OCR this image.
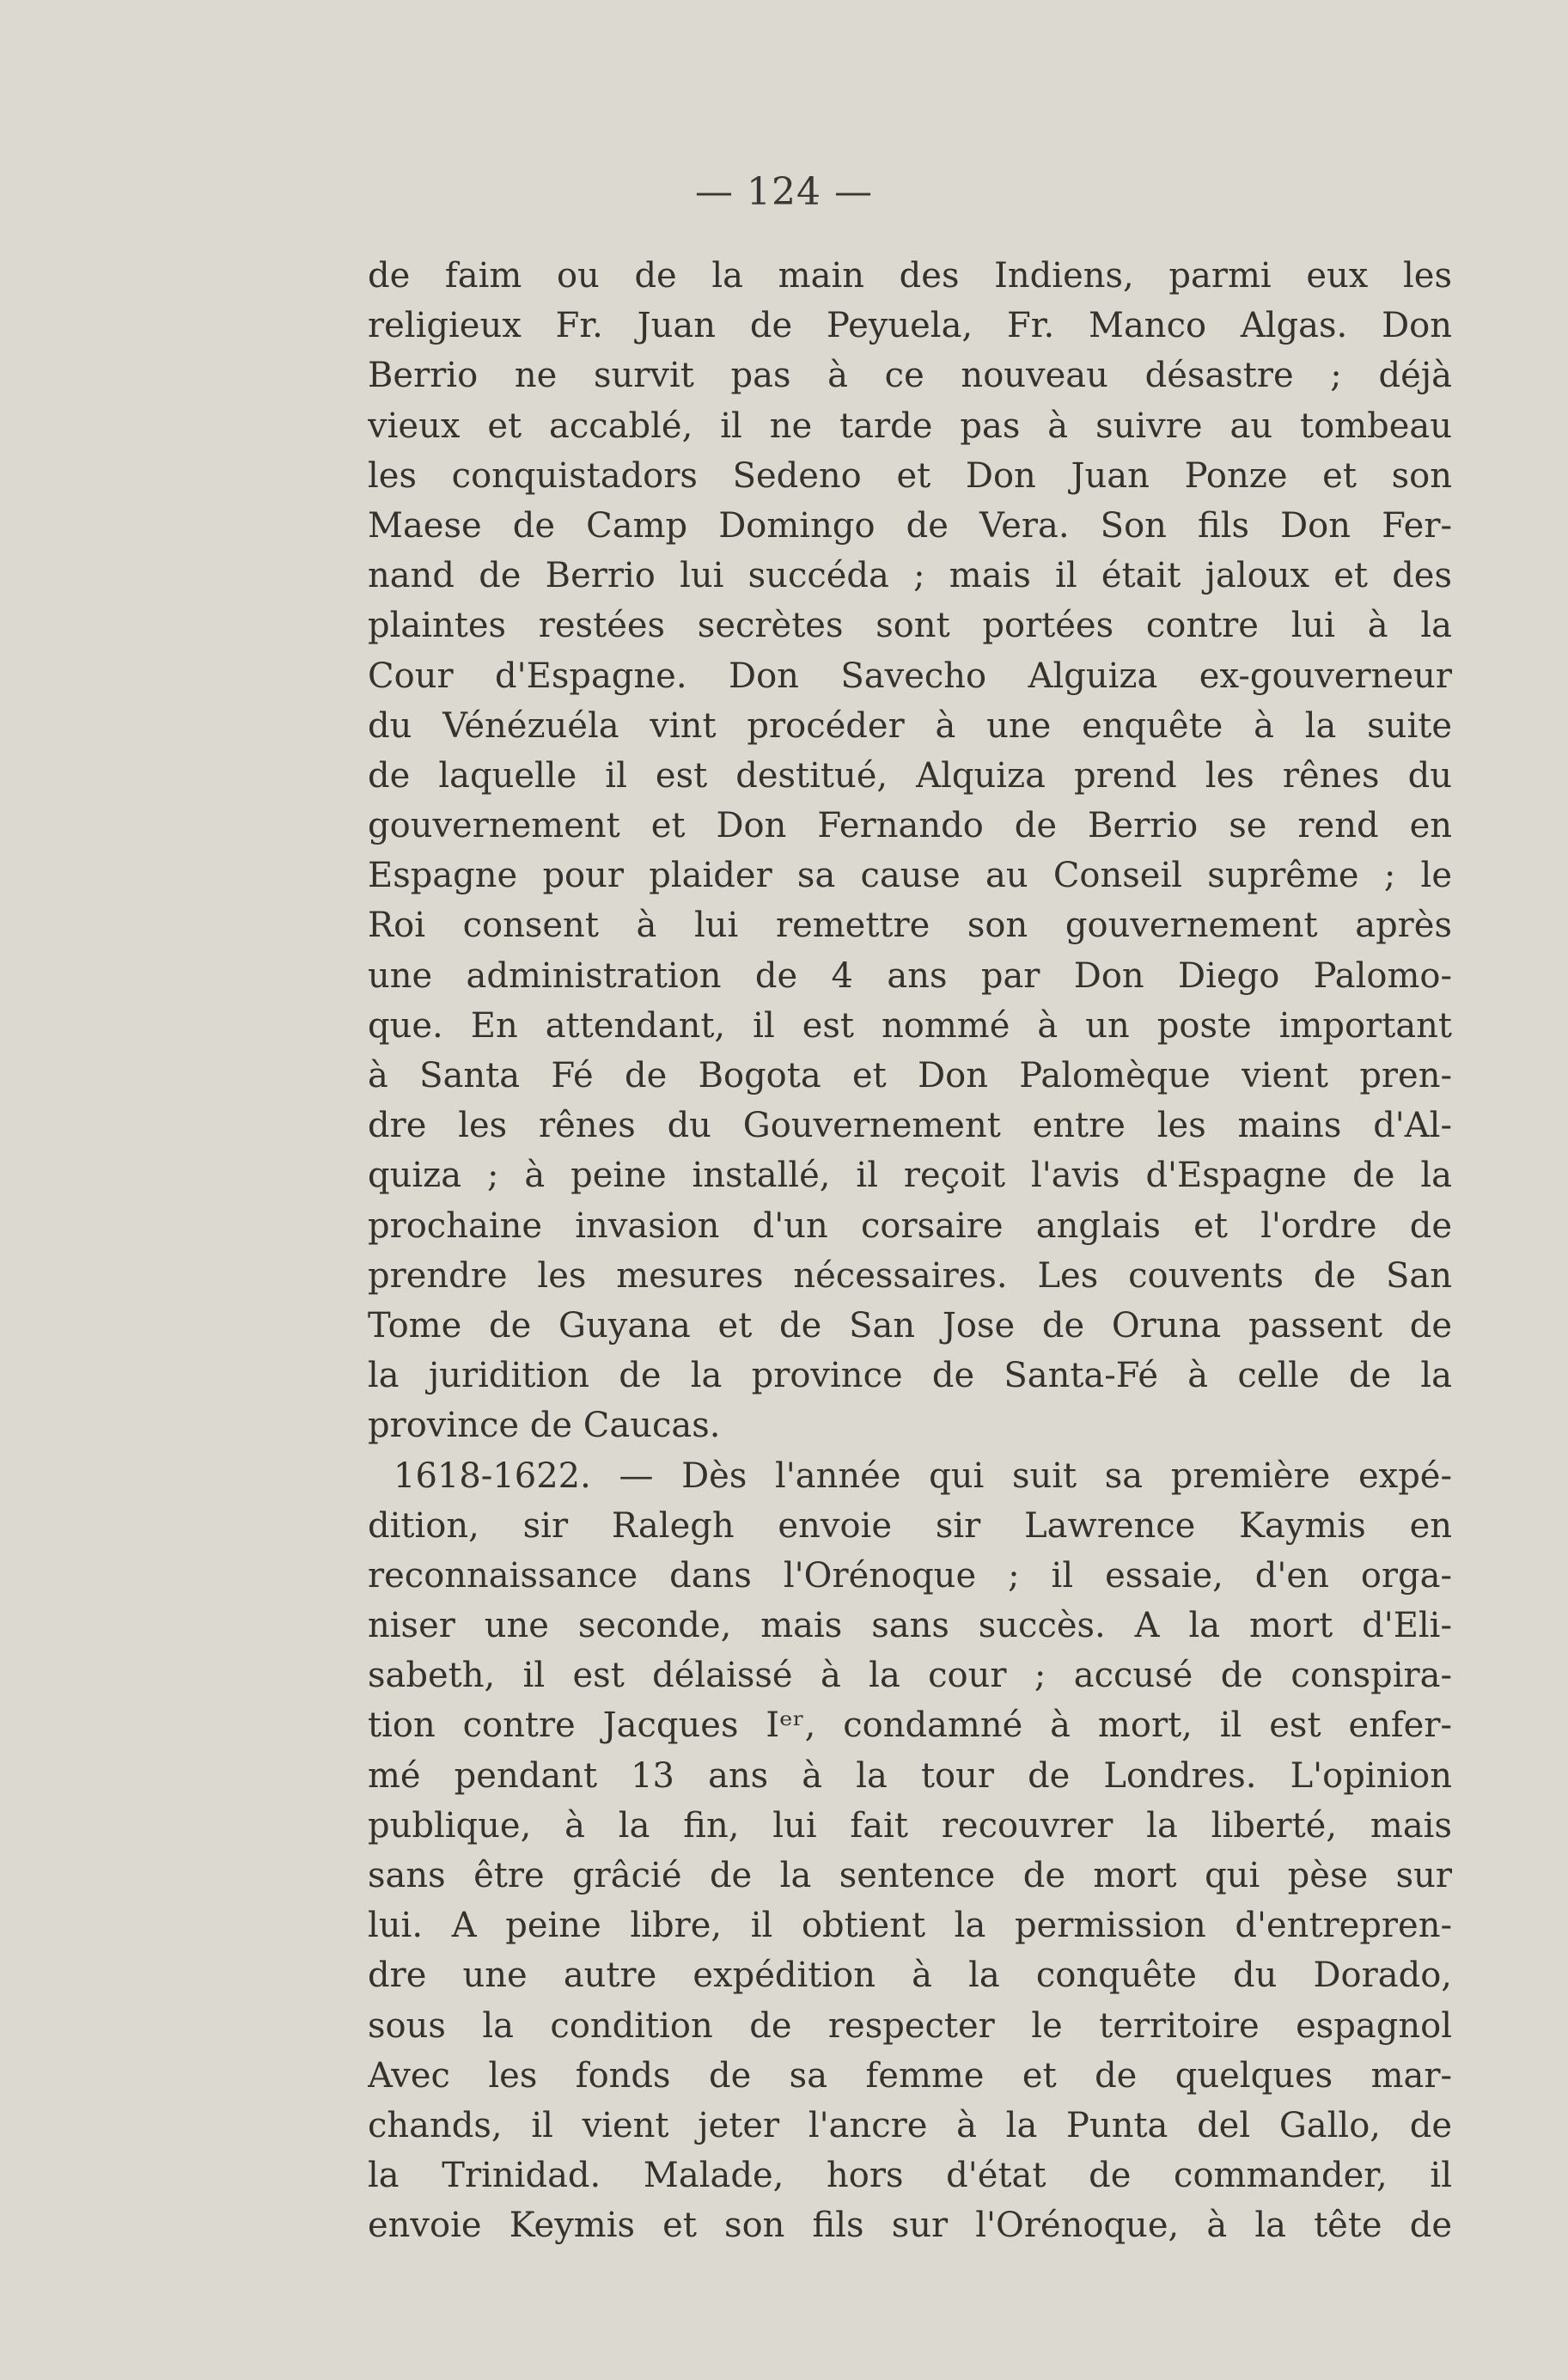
— 124 —
de faim ou de la main des Indiens, parmi eux les
religieux Fr. Juan de Peyuela, Fr. Manco Algas. Don
Berrio ne survit pas à ce nouveau désastre ; déjà
vieux et accablé, il ne tarde pas à suivre au tombeau
les conquistadors Sedeno et Don Juan Ponze et son
Maese de Camp Domingo de Vera. Son fils Don Fer-
nand de Berrio lui succéda ; mais il était jaloux et des
plaintes restées secrètes sont portées contre lui à la
Cour d'Espagne. Don Savecho Alguiza ex-gouverneur
du Vénézuéla vint procéder à une enquête à la suite
de laquelle il est destitué, Alquiza prend les rênes du
gouvernement et Don Fernando de Berrio se rend en
Espagne pour plaider sa cause au Conseil suprême ; le
Roi consent à lui remettre son gouvernement après
une administration de 4 ans par Don Diego Palomo-
que. En attendant, il est nommé à un poste important
à Santa Fé de Bogota et Don Palomèque vient pren-
dre les rênes du Gouvernement entre les mains d'Al-
quiza ; à peine installé, il reçoit l'avis d'Espagne de la
prochaine invasion d'un corsaire anglais et l'ordre de
prendre les mesures nécessaires. Les couvents de San
Tome de Guyana et de San Jose de Oruna passent de
la juridition de la province de Santa-Fé à celle de la
province de Caucas.
1618-1622. — Dès l'année qui suit sa première expé-
dition, sir Ralegh envoie sir Lawrence Kaymis en
reconnaissance dans l'Orénoque ; il essaie, d'en orga-
niser une seconde, mais sans succès. A la mort d'Eli-
sabeth, il est délaissé à la cour ; accusé de conspira-
tion contre Jacques Iᵉʳ, condamné à mort, il est enfer-
mé pendant 13 ans à la tour de Londres. L'opinion
publique, à la fin, lui fait recouvrer la liberté, mais
sans être grâcié de la sentence de mort qui pèse sur
lui. A peine libre, il obtient la permission d'entrepren-
dre une autre expédition à la conquête du Dorado,
sous la condition de respecter le territoire espagnol
Avec les fonds de sa femme et de quelques mar-
chands, il vient jeter l'ancre à la Punta del Gallo, de
la Trinidad. Malade, hors d'état de commander, il
envoie Keymis et son fils sur l'Orénoque, à la tête de
